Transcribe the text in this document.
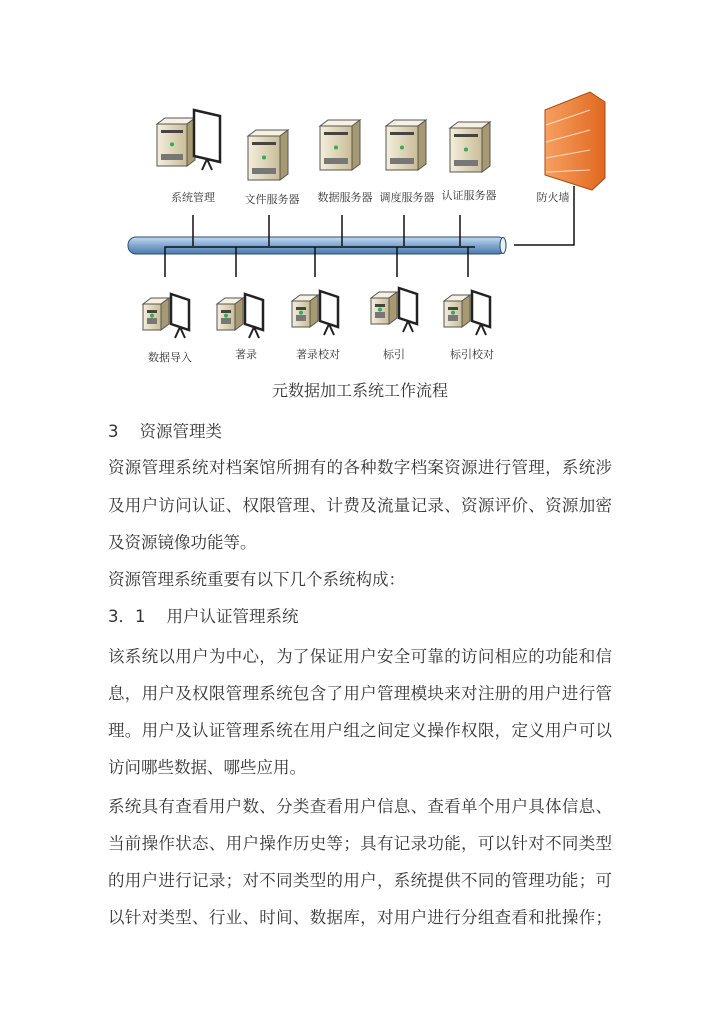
系统管理	文件服务器 数据服务器 调度服务器 认证服务器	防火墙
数据导入	著录	著录校对	标引	标引校对
元数据加工系统工作流程
3 资源管理类
资源管理系统对档案馆所拥有的各种数字档案资源进行管理，系统涉
及用户访问认证、权限管理、计费及流量记录、资源评价、资源加密
及资源镜像功能等。
资源管理系统重要有以下几个系统构成：
3．1 用户认证管理系统
该系统以用户为中心，为了保证用户安全可靠的访问相应的功能和信
息，用户及权限管理系统包含了用户管理模块来对注册的用户进行管
理。用户及认证管理系统在用户组之间定义操作权限，定义用户可以
访问哪些数据、哪些应用。
系统具有查看用户数、分类查看用户信息、查看单个用户具体信息、
当前操作状态、用户操作历史等；具有记录功能，可以针对不同类型
的用户进行记录；对不同类型的用户，系统提供不同的管理功能；可
以针对类型、行业、时间、数据库，对用户进行分组查看和批操作；
